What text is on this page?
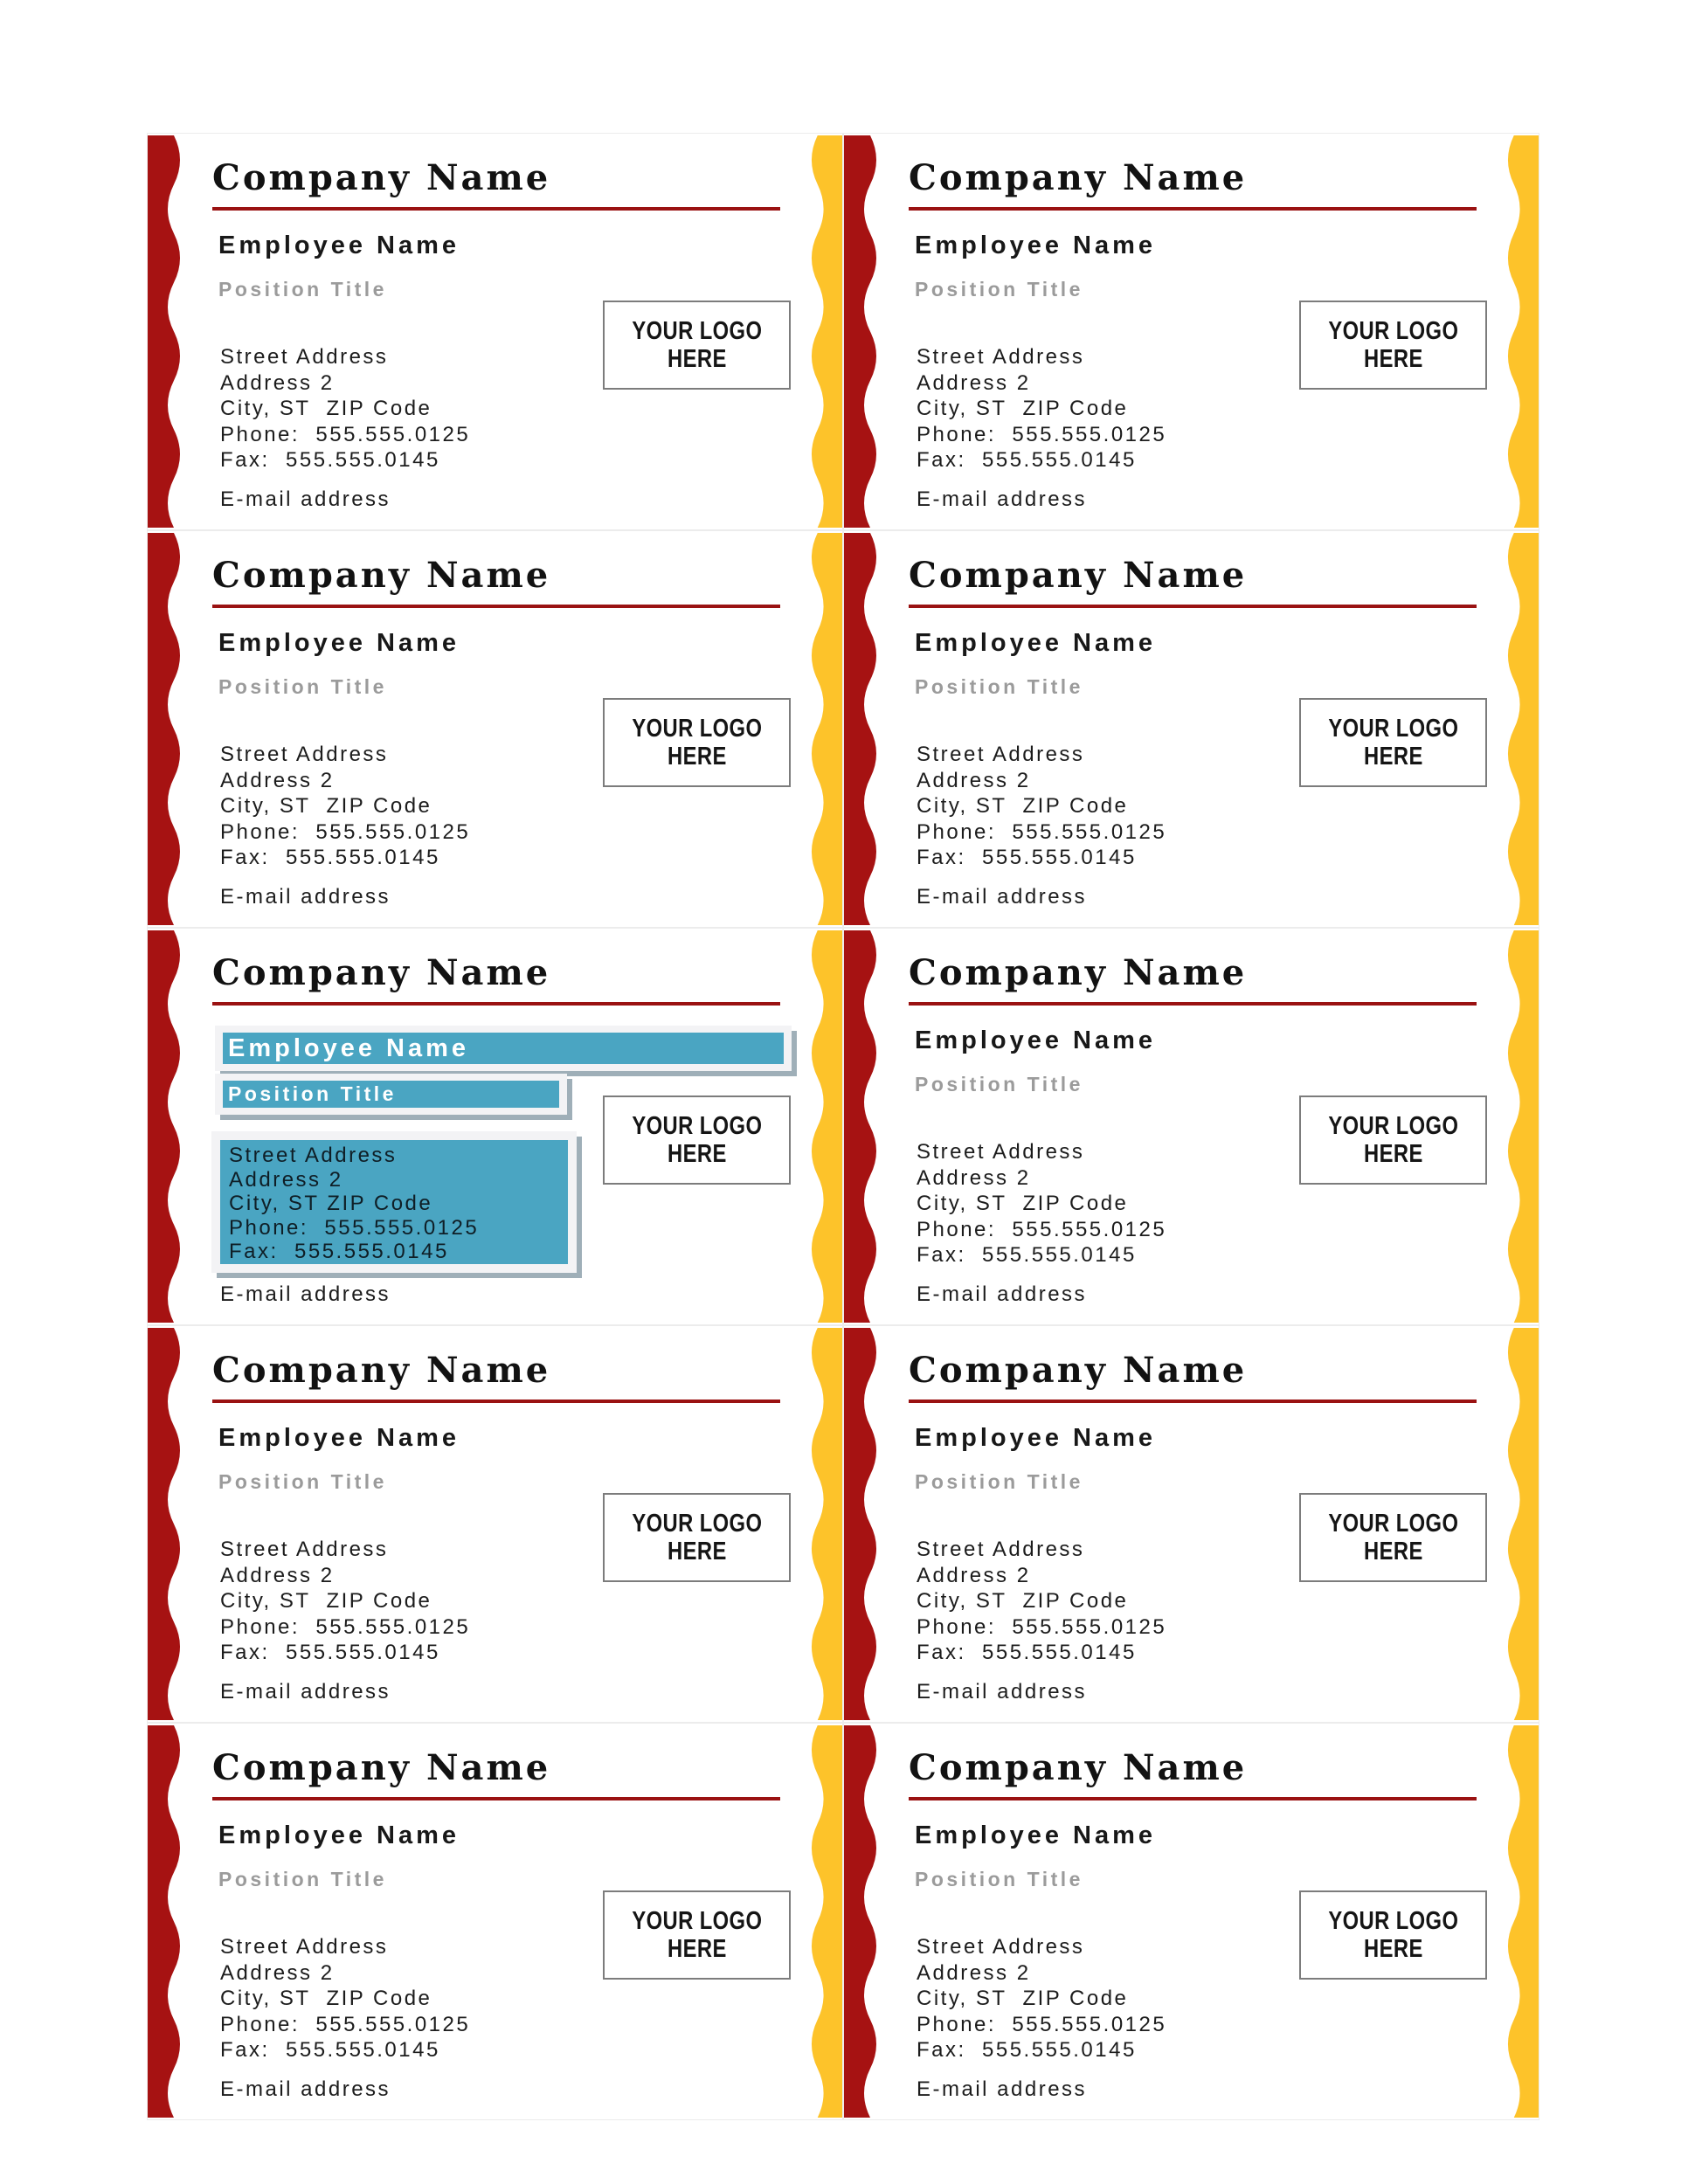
Company Name
Employee Name
Position Title
Street Address
Address 2
City, ST  ZIP Code
Phone:  555.555.0125
Fax:  555.555.0145
E-mail address
YOUR LOGO
HERE
Company Name
Employee Name
Position Title
Street Address
Address 2
City, ST  ZIP Code
Phone:  555.555.0125
Fax:  555.555.0145
E-mail address
YOUR LOGO
HERE
Company Name
Employee Name
Position Title
Street Address
Address 2
City, ST  ZIP Code
Phone:  555.555.0125
Fax:  555.555.0145
E-mail address
YOUR LOGO
HERE
Company Name
Employee Name
Position Title
Street Address
Address 2
City, ST  ZIP Code
Phone:  555.555.0125
Fax:  555.555.0145
E-mail address
YOUR LOGO
HERE
Company Name
Employee Name
Position Title
Street Address
Address 2
City, ST ZIP Code
Phone:  555.555.0125
Fax:  555.555.0145
E-mail address
YOUR LOGO
HERE
Company Name
Employee Name
Position Title
Street Address
Address 2
City, ST  ZIP Code
Phone:  555.555.0125
Fax:  555.555.0145
E-mail address
YOUR LOGO
HERE
Company Name
Employee Name
Position Title
Street Address
Address 2
City, ST  ZIP Code
Phone:  555.555.0125
Fax:  555.555.0145
E-mail address
YOUR LOGO
HERE
Company Name
Employee Name
Position Title
Street Address
Address 2
City, ST  ZIP Code
Phone:  555.555.0125
Fax:  555.555.0145
E-mail address
YOUR LOGO
HERE
Company Name
Employee Name
Position Title
Street Address
Address 2
City, ST  ZIP Code
Phone:  555.555.0125
Fax:  555.555.0145
E-mail address
YOUR LOGO
HERE
Company Name
Employee Name
Position Title
Street Address
Address 2
City, ST  ZIP Code
Phone:  555.555.0125
Fax:  555.555.0145
E-mail address
YOUR LOGO
HERE
